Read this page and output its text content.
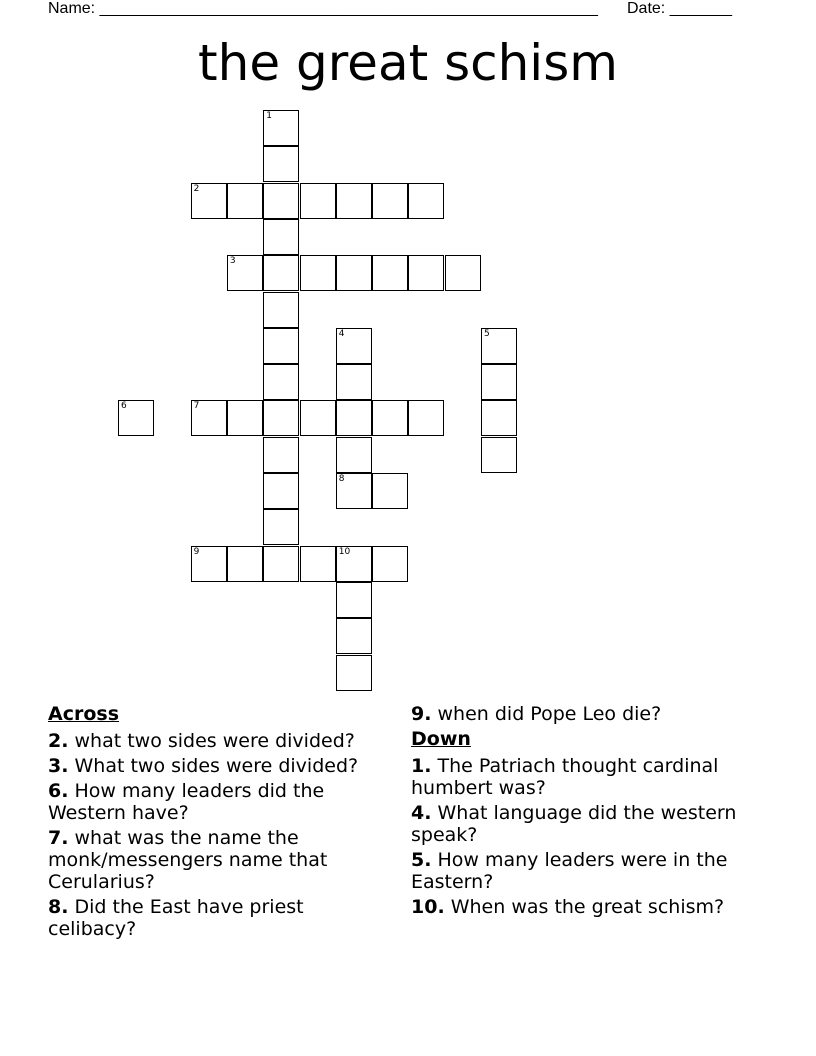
Name: ________________________________________________________ Date: _______
the great schism
1
2
3
4	5
6	7
8
9	10
Across
2. what two sides were divided?
3. What two sides were divided?
6. How many leaders did the Western have?
7. what was the name the monk/messengers name that Cerularius?
8. Did the East have priest celibacy?
9. when did Pope Leo die?
Down
1. The Patriach thought cardinal humbert was?
4. What language did the western speak?
5. How many leaders were in the Eastern?
10. When was the great schism?
